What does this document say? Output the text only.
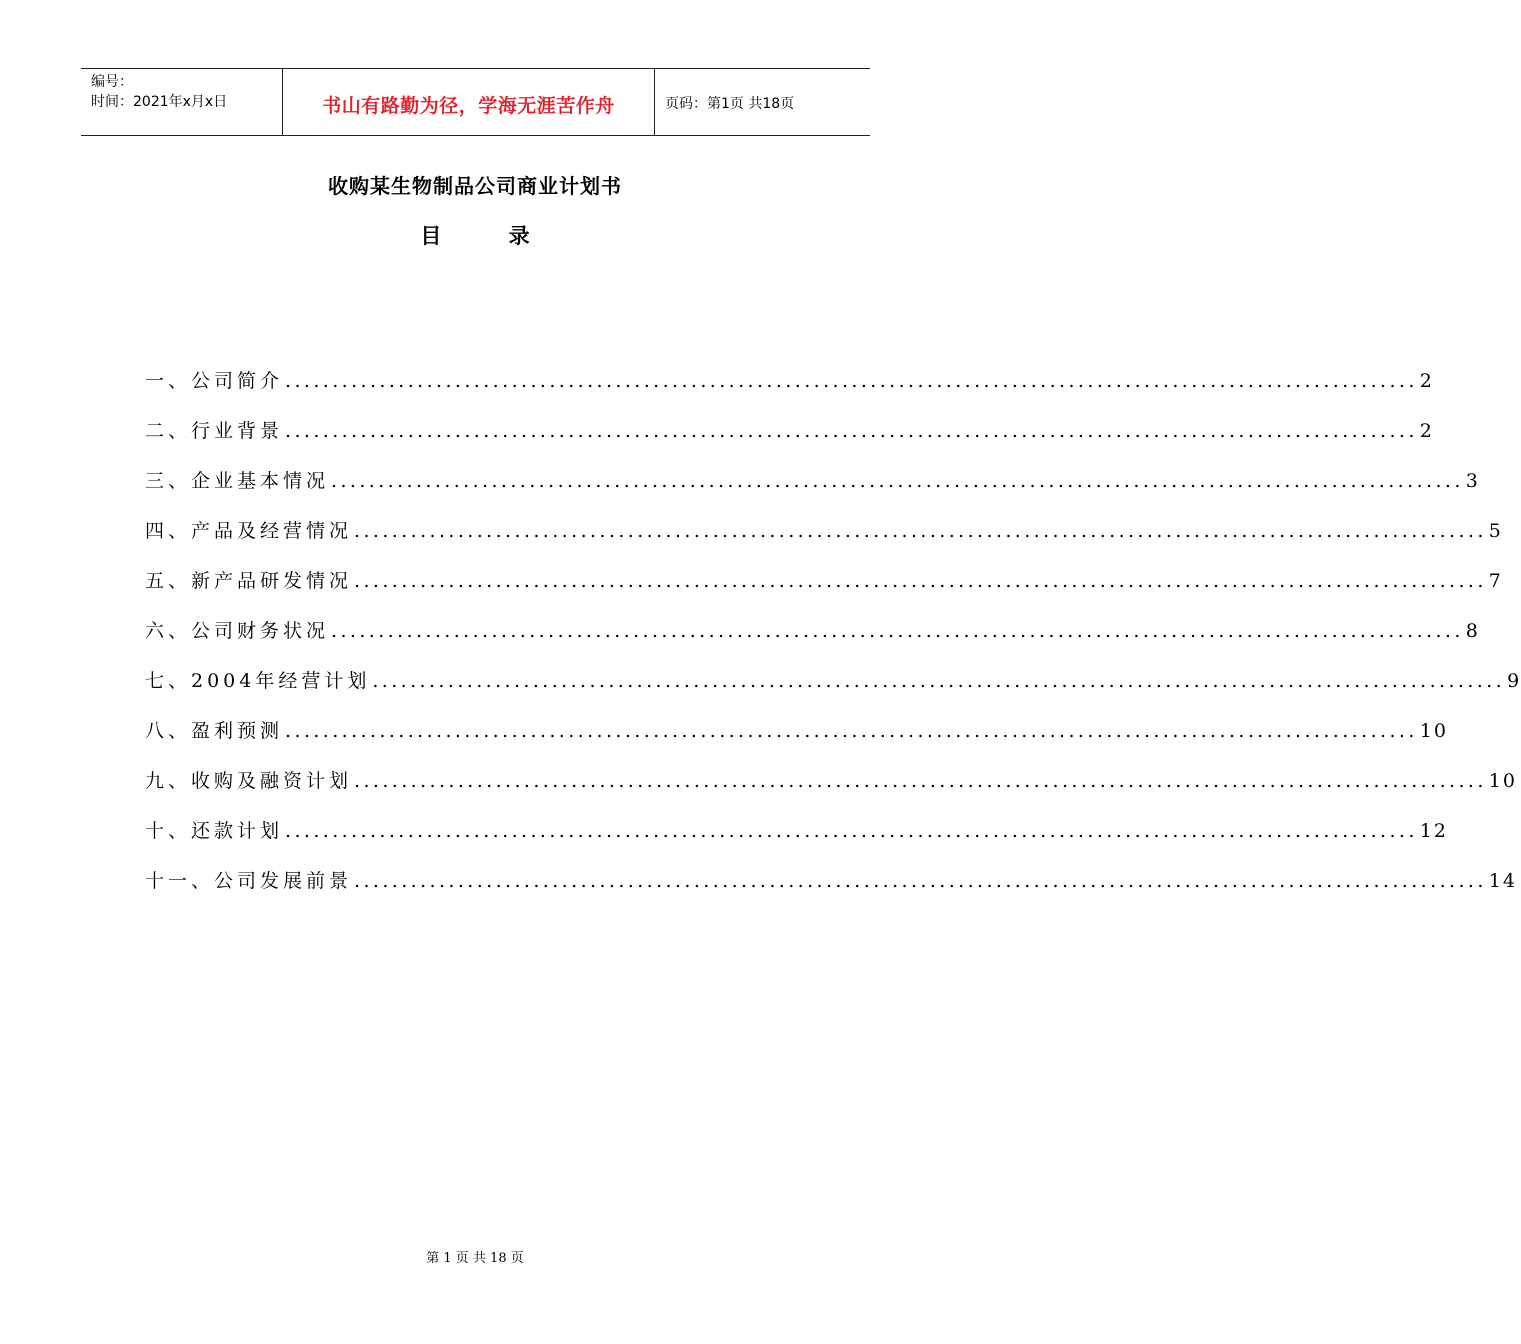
编号：
时间：2021年x月x日	书山有路勤为径，学海无涯苦作舟	页码：第1页 共18页
收购某生物制品公司商业计划书
目 录
一、公司简介 ........................................................................................................................ 2
二、行业背景 ........................................................................................................................ 2
三、企业基本情况 ........................................................................................................................ 3
四、产品及经营情况 ........................................................................................................................ 5
五、新产品研发情况 ........................................................................................................................ 7
六、公司财务状况 ........................................................................................................................ 8
七、2004年经营计划 ........................................................................................................................ 9
八、盈利预测 ........................................................................................................................ 10
九、收购及融资计划 ........................................................................................................................ 10
十、还款计划 ........................................................................................................................ 12
十一、公司发展前景 ........................................................................................................................ 14
第 1 页 共 18 页
